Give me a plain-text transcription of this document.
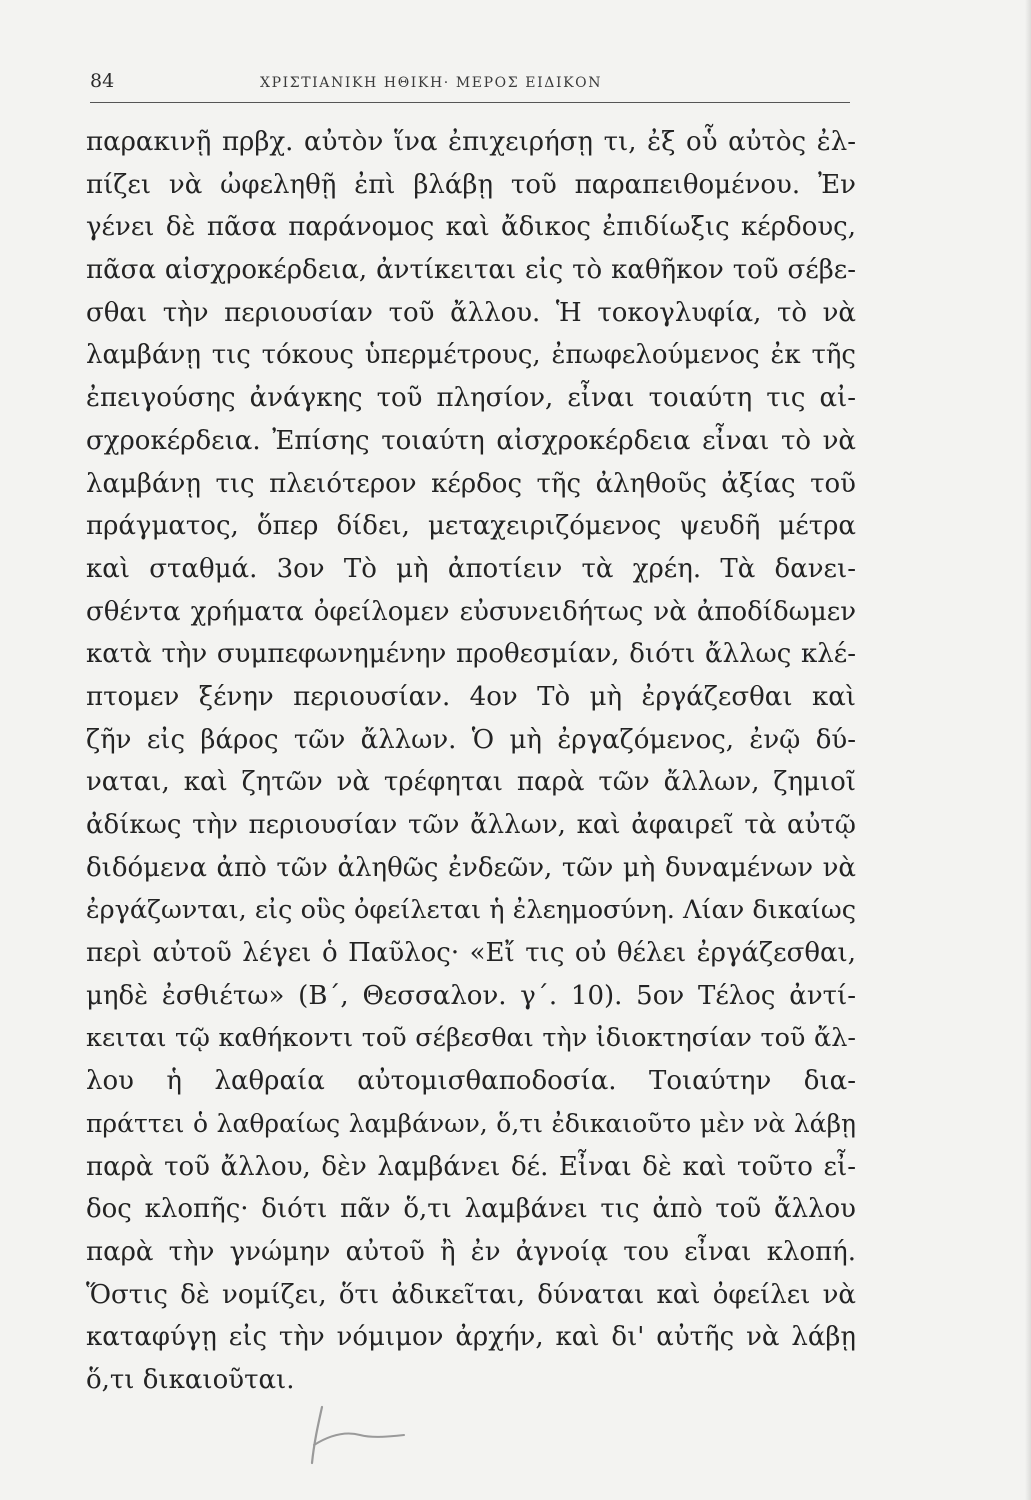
84	ΧΡΙΣΤΙΑΝΙΚΗ ΗΘΙΚΗ· ΜΕΡΟΣ ΕΙΔΙΚΟΝ
παρακινῇ πρβχ. αὐτὸν ἵνα ἐπιχειρήσῃ τι, ἐξ οὗ αὐτὸς ἐλ-
πίζει νὰ ὠφεληθῇ ἐπὶ βλάβῃ τοῦ παραπειθομένου. Ἐν
γένει δὲ πᾶσα παράνομος καὶ ἄδικος ἐπιδίωξις κέρδους,
πᾶσα αἰσχροκέρδεια, ἀντίκειται εἰς τὸ καθῆκον τοῦ σέβε-
σθαι τὴν περιουσίαν τοῦ ἄλλου. Ἡ τοκογλυφία, τὸ νὰ
λαμβάνῃ τις τόκους ὑπερμέτρους, ἐπωφελούμενος ἐκ τῆς
ἐπειγούσης ἀνάγκης τοῦ πλησίον, εἶναι τοιαύτη τις αἰ-
σχροκέρδεια. Ἐπίσης τοιαύτη αἰσχροκέρδεια εἶναι τὸ νὰ
λαμβάνῃ τις πλειότερον κέρδος τῆς ἀληθοῦς ἀξίας τοῦ
πράγματος, ὅπερ δίδει, μεταχειριζόμενος ψευδῆ μέτρα
καὶ σταθμά. 3ον Τὸ μὴ ἀποτίειν τὰ χρέη. Τὰ δανει-
σθέντα χρήματα ὀφείλομεν εὐσυνειδήτως νὰ ἀποδίδωμεν
κατὰ τὴν συμπεφωνημένην προθεσμίαν, διότι ἄλλως κλέ-
πτομεν ξένην περιουσίαν. 4ον Τὸ μὴ ἐργάζεσθαι καὶ
ζῆν εἰς βάρος τῶν ἄλλων. Ὁ μὴ ἐργαζόμενος, ἐνῷ δύ-
ναται, καὶ ζητῶν νὰ τρέφηται παρὰ τῶν ἄλλων, ζημιοῖ
ἀδίκως τὴν περιουσίαν τῶν ἄλλων, καὶ ἀφαιρεῖ τὰ αὐτῷ
διδόμενα ἀπὸ τῶν ἀληθῶς ἐνδεῶν, τῶν μὴ δυναμένων νὰ
ἐργάζωνται, εἰς οὓς ὀφείλεται ἡ ἐλεημοσύνη. Λίαν δικαίως
περὶ αὐτοῦ λέγει ὁ Παῦλος· «Εἴ τις οὐ θέλει ἐργάζεσθαι,
μηδὲ ἐσθιέτω» (Β΄, Θεσσαλον. γ΄. 10). 5ον Τέλος ἀντί-
κειται τῷ καθήκοντι τοῦ σέβεσθαι τὴν ἰδιοκτησίαν τοῦ ἄλ-
λου ἡ λαθραία αὐτομισθαποδοσία. Τοιαύτην δια-
πράττει ὁ λαθραίως λαμβάνων, ὅ,τι ἐδικαιοῦτο μὲν νὰ λάβῃ
παρὰ τοῦ ἄλλου, δὲν λαμβάνει δέ. Εἶναι δὲ καὶ τοῦτο εἶ-
δος κλοπῆς· διότι πᾶν ὅ,τι λαμβάνει τις ἀπὸ τοῦ ἄλλου
παρὰ τὴν γνώμην αὐτοῦ ἢ ἐν ἀγνοίᾳ του εἶναι κλοπή.
Ὅστις δὲ νομίζει, ὅτι ἀδικεῖται, δύναται καὶ ὀφείλει νὰ
καταφύγῃ εἰς τὴν νόμιμον ἀρχήν, καὶ δι' αὐτῆς νὰ λάβῃ
ὅ,τι δικαιοῦται.
